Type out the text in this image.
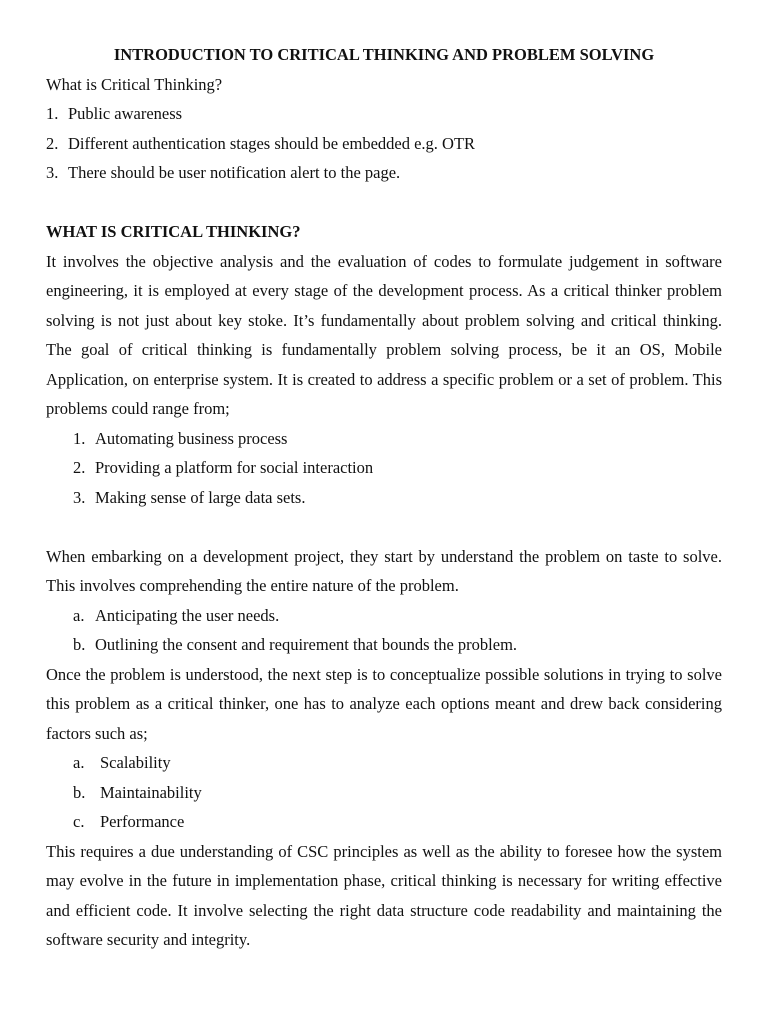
INTRODUCTION TO CRITICAL THINKING AND PROBLEM SOLVING

What is Critical Thinking?

1. Public awareness
2. Different authentication stages should be embedded e.g. OTR
3. There should be user notification alert to the page.

WHAT IS CRITICAL THINKING?

It involves the objective analysis and the evaluation of codes to formulate judgement in software engineering, it is employed at every stage of the development process. As a critical thinker problem solving is not just about key stoke. It’s fundamentally about problem solving and critical thinking. The goal of critical thinking is fundamentally problem solving process, be it an OS, Mobile Application, on enterprise system. It is created to address a specific problem or a set of problem. This problems could range from;

1. Automating business process
2. Providing a platform for social interaction
3. Making sense of large data sets.

When embarking on a development project, they start by understand the problem on taste to solve. This involves comprehending the entire nature of the problem.

a. Anticipating the user needs.
b. Outlining the consent and requirement that bounds the problem.

Once the problem is understood, the next step is to conceptualize possible solutions in trying to solve this problem as a critical thinker, one has to analyze each options meant and drew back considering factors such as;

a. Scalability
b. Maintainability
c. Performance

This requires a due understanding of CSC principles as well as the ability to foresee how the system may evolve in the future in implementation phase, critical thinking is necessary for writing effective and efficient code. It involve selecting the right data structure code readability and maintaining the software security and integrity.
